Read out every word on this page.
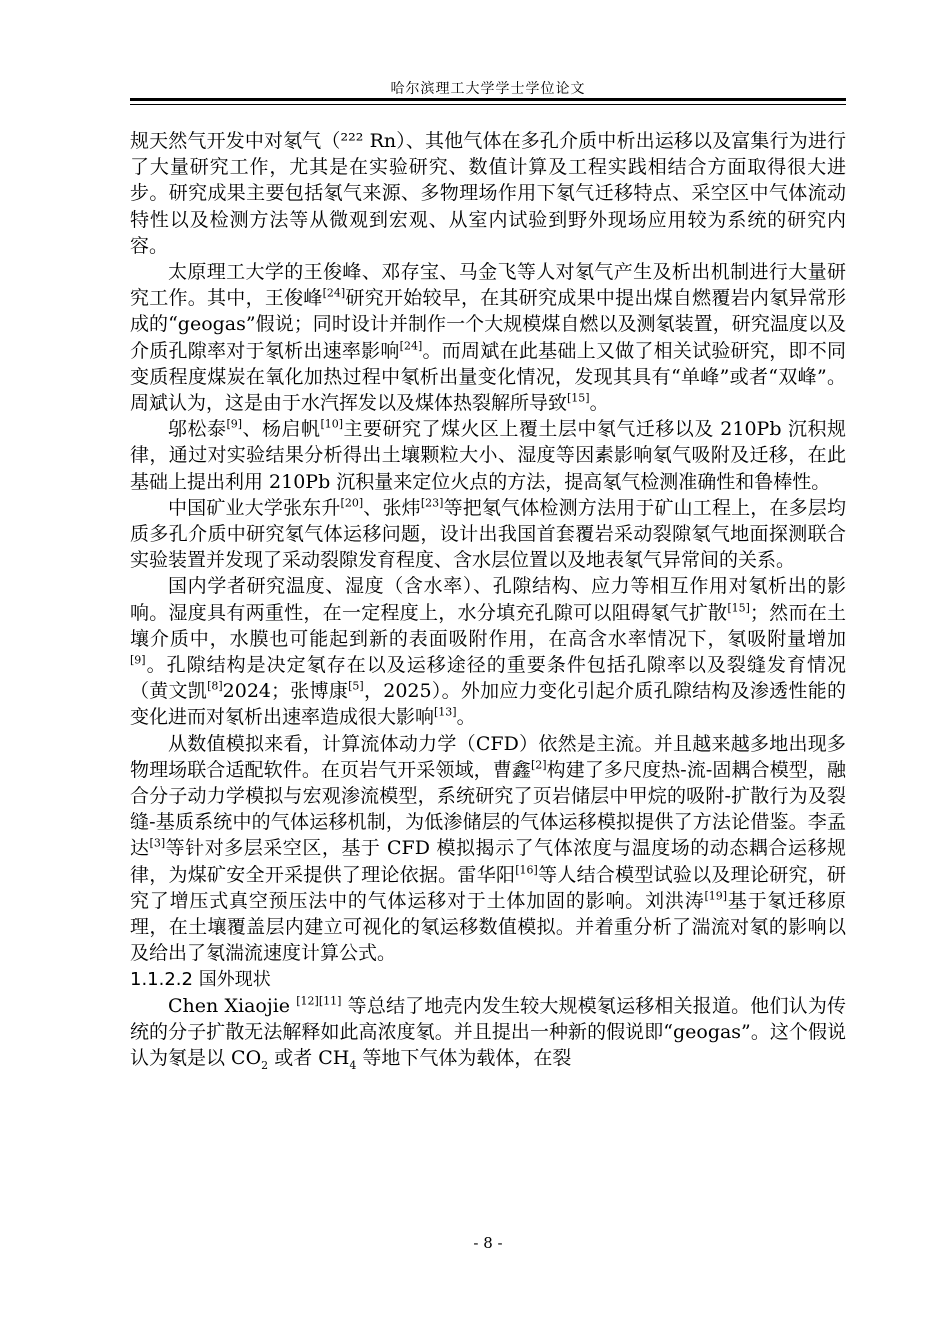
哈尔滨理工大学学士学位论文

规天然气开发中对氡气（²²² Rn）、其他气体在多孔介质中析出运移以及富集行为进行了大量研究工作，尤其是在实验研究、数值计算及工程实践相结合方面取得很大进步。研究成果主要包括氡气来源、多物理场作用下氡气迁移特点、采空区中气体流动特性以及检测方法等从微观到宏观、从室内试验到野外现场应用较为系统的研究内容。

太原理工大学的王俊峰、邓存宝、马金飞等人对氡气产生及析出机制进行大量研究工作。其中，王俊峰[24]研究开始较早，在其研究成果中提出煤自燃覆岩内氡异常形成的“geogas”假说；同时设计并制作一个大规模煤自燃以及测氡装置，研究温度以及介质孔隙率对于氡析出速率影响[24]。而周斌在此基础上又做了相关试验研究，即不同变质程度煤炭在氧化加热过程中氡析出量变化情况，发现其具有“单峰”或者“双峰”。周斌认为，这是由于水汽挥发以及煤体热裂解所导致[15]。

邬松泰[9]、杨启帆[10]主要研究了煤火区上覆土层中氡气迁移以及 210Pb 沉积规律，通过对实验结果分析得出土壤颗粒大小、湿度等因素影响氡气吸附及迁移，在此基础上提出利用 210Pb 沉积量来定位火点的方法，提高氡气检测准确性和鲁棒性。

中国矿业大学张东升[20]、张炜[23]等把氡气体检测方法用于矿山工程上，在多层均质多孔介质中研究氡气体运移问题，设计出我国首套覆岩采动裂隙氡气地面探测联合实验装置并发现了采动裂隙发育程度、含水层位置以及地表氡气异常间的关系。

国内学者研究温度、湿度（含水率）、孔隙结构、应力等相互作用对氡析出的影响。湿度具有两重性，在一定程度上，水分填充孔隙可以阻碍氡气扩散[15]；然而在土壤介质中，水膜也可能起到新的表面吸附作用，在高含水率情况下，氡吸附量增加[9]。孔隙结构是决定氡存在以及运移途径的重要条件包括孔隙率以及裂缝发育情况（黄文凯[8]2024；张博康[5]，2025）。外加应力变化引起介质孔隙结构及渗透性能的变化进而对氡析出速率造成很大影响[13]。

从数值模拟来看，计算流体动力学（CFD）依然是主流。并且越来越多地出现多物理场联合适配软件。在页岩气开采领域，曹鑫[2]构建了多尺度热-流-固耦合模型，融合分子动力学模拟与宏观渗流模型，系统研究了页岩储层中甲烷的吸附-扩散行为及裂缝-基质系统中的气体运移机制，为低渗储层的气体运移模拟提供了方法论借鉴。李孟达[3]等针对多层采空区，基于 CFD 模拟揭示了气体浓度与温度场的动态耦合运移规律，为煤矿安全开采提供了理论依据。雷华阳[16]等人结合模型试验以及理论研究，研究了增压式真空预压法中的气体运移对于土体加固的影响。刘洪涛[19]基于氡迁移原理，在土壤覆盖层内建立可视化的氡运移数值模拟。并着重分析了湍流对氡的影响以及给出了氡湍流速度计算公式。

1.1.2.2 国外现状

Chen Xiaojie [12][11] 等总结了地壳内发生较大规模氡运移相关报道。他们认为传统的分子扩散无法解释如此高浓度氡。并且提出一种新的假说即“geogas”。这个假说认为氡是以 $CO_2$ 或者 $CH_4$ 等地下气体为载体，在裂

- 8 -
